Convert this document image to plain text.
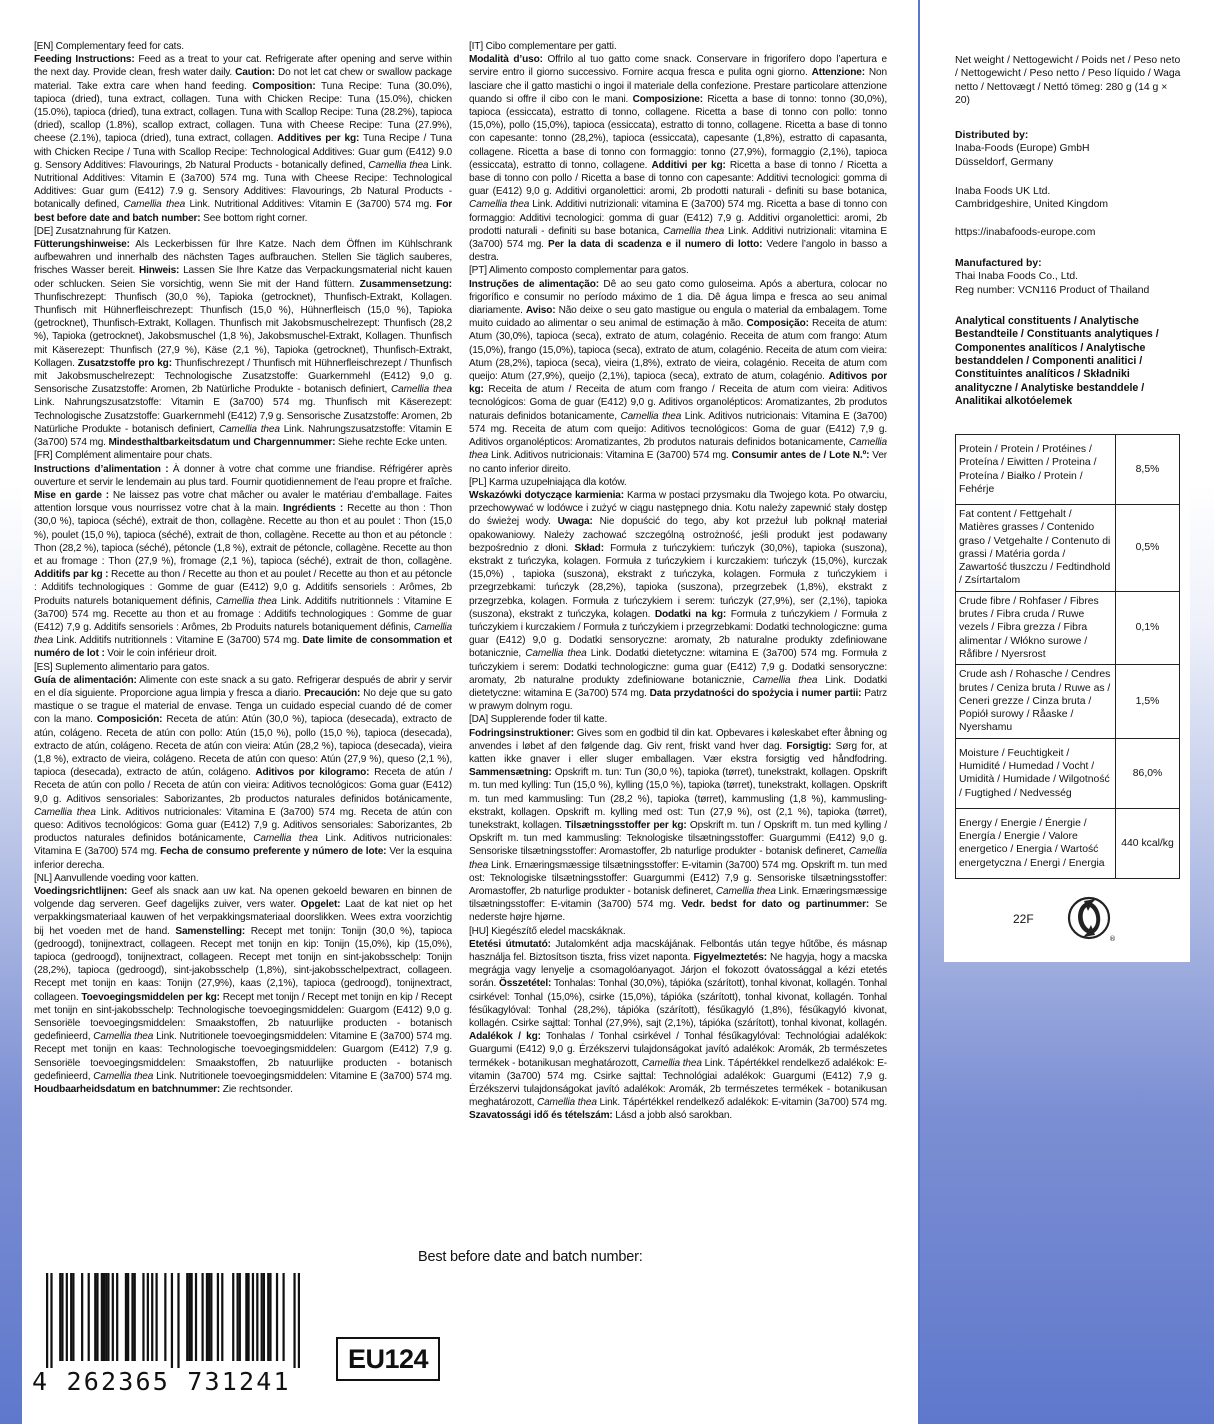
[EN] Complementary feed for cats.
Feeding Instructions: Feed as a treat to your cat. Refrigerate after opening and serve within the next day. Provide clean, fresh water daily. Caution: Do not let cat chew or swallow package material. Take extra care when hand feeding. Composition: Tuna Recipe: Tuna (30.0%), tapioca (dried), tuna extract, collagen. Tuna with Chicken Recipe: Tuna (15.0%), chicken (15.0%), tapioca (dried), tuna extract, collagen. Tuna with Scallop Recipe: Tuna (28.2%), tapioca (dried), scallop (1.8%), scallop extract, collagen. Tuna with Cheese Recipe: Tuna (27.9%), cheese (2.1%), tapioca (dried), tuna extract, collagen. Additives per kg: Tuna Recipe / Tuna with Chicken Recipe / Tuna with Scallop Recipe: Technological Additives: Guar gum (E412) 9.0 g. Sensory Additives: Flavourings, 2b Natural Products - botanically defined, Camellia thea Link. Nutritional Additives: Vitamin E (3a700) 574 mg. Tuna with Cheese Recipe: Technological Additives: Guar gum (E412) 7.9 g. Sensory Additives: Flavourings, 2b Natural Products - botanically defined, Camellia thea Link. Nutritional Additives: Vitamin E (3a700) 574 mg. For best before date and batch number: See bottom right corner.
[DE] Zusatznahrung für Katzen.
Fütterungshinweise: Als Leckerbissen für Ihre Katze. Nach dem Öffnen im Kühlschrank aufbewahren und innerhalb des nächsten Tages aufbrauchen. Stellen Sie täglich sauberes, frisches Wasser bereit. Hinweis: Lassen Sie Ihre Katze das Verpackungsmaterial nicht kauen oder schlucken. Seien Sie vorsichtig, wenn Sie mit der Hand füttern. Zusammensetzung: Thunfischrezept: Thunfisch (30,0 %), Tapioka (getrocknet), Thunfisch-Extrakt, Kollagen. Thunfisch mit Hühnerfleischrezept: Thunfisch (15,0 %), Hühnerfleisch (15,0 %), Tapioka (getrocknet), Thunfisch-Extrakt, Kollagen. Thunfisch mit Jakobsmuschelrezept: Thunfisch (28,2 %), Tapioka (getrocknet), Jakobsmuschel (1,8 %), Jakobsmuschel-Extrakt, Kollagen. Thunfisch mit Käserezept: Thunfisch (27,9 %), Käse (2,1 %), Tapioka (getrocknet), Thunfisch-Extrakt, Kollagen. Zusatzstoffe pro kg: Thunfischrezept / Thunfisch mit Hühnerfleischrezept / Thunfisch mit Jakobsmuschelrezept: Technologische Zusatzstoffe: Guarkernmehl (E412) 9,0 g. Sensorische Zusatzstoffe: Aromen, 2b Natürliche Produkte - botanisch definiert, Camellia thea Link. Nahrungszusatzstoffe: Vitamin E (3a700) 574 mg. Thunfisch mit Käserezept: Technologische Zusatzstoffe: Guarkernmehl (E412) 7,9 g. Sensorische Zusatzstoffe: Aromen, 2b Natürliche Produkte - botanisch definiert, Camellia thea Link. Nahrungszusatzstoffe: Vitamin E (3a700) 574 mg. Mindesthaltbarkeitsdatum und Chargennummer: Siehe rechte Ecke unten.
[FR] Complément alimentaire pour chats.
Instructions d’alimentation : À donner à votre chat comme une friandise. Réfrigérer après ouverture et servir le lendemain au plus tard. Fournir quotidiennement de l’eau propre et fraîche. Mise en garde : Ne laissez pas votre chat mâcher ou avaler le matériau d’emballage. Faites attention lorsque vous nourrissez votre chat à la main. Ingrédients : Recette au thon : Thon (30,0 %), tapioca (séché), extrait de thon, collagène. Recette au thon et au poulet : Thon (15,0 %), poulet (15,0 %), tapioca (séché), extrait de thon, collagène. Recette au thon et au pétoncle : Thon (28,2 %), tapioca (séché), pétoncle (1,8 %), extrait de pétoncle, collagène. Recette au thon et au fromage : Thon (27,9 %), fromage (2,1 %), tapioca (séché), extrait de thon, collagène. Additifs par kg : Recette au thon / Recette au thon et au poulet / Recette au thon et au pétoncle : Additifs technologiques : Gomme de guar (E412) 9,0 g. Additifs sensoriels : Arômes, 2b Produits naturels botaniquement définis, Camellia thea Link. Additifs nutritionnels : Vitamine E (3a700) 574 mg. Recette au thon et au fromage : Additifs technologiques : Gomme de guar (E412) 7,9 g. Additifs sensoriels : Arômes, 2b Produits naturels botaniquement définis, Camellia thea Link. Additifs nutritionnels : Vitamine E (3a700) 574 mg. Date limite de consommation et numéro de lot : Voir le coin inférieur droit.
[ES] Suplemento alimentario para gatos.
Guía de alimentación: Alimente con este snack a su gato. Refrigerar después de abrir y servir en el día siguiente. Proporcione agua limpia y fresca a diario. Precaución: No deje que su gato mastique o se trague el material de envase. Tenga un cuidado especial cuando dé de comer con la mano. Composición: Receta de atún: Atún (30,0 %), tapioca (desecada), extracto de atún, colágeno. Receta de atún con pollo: Atún (15,0 %), pollo (15,0 %), tapioca (desecada), extracto de atún, colágeno. Receta de atún con vieira: Atún (28,2 %), tapioca (desecada), vieira (1,8 %), extracto de vieira, colágeno. Receta de atún con queso: Atún (27,9 %), queso (2,1 %), tapioca (desecada), extracto de atún, colágeno. Aditivos por kilogramo: Receta de atún / Receta de atún con pollo / Receta de atún con vieira: Aditivos tecnológicos: Goma guar (E412) 9,0 g. Aditivos sensoriales: Saborizantes, 2b productos naturales definidos botánicamente, Camellia thea Link. Aditivos nutricionales: Vitamina E (3a700) 574 mg. Receta de atún con queso: Aditivos tecnológicos: Goma guar (E412) 7,9 g. Aditivos sensoriales: Saborizantes, 2b productos naturales definidos botánicamente, Camellia thea Link. Aditivos nutricionales: Vitamina E (3a700) 574 mg. Fecha de consumo preferente y número de lote: Ver la esquina inferior derecha.
[NL] Aanvullende voeding voor katten.
Voedingsrichtlijnen: Geef als snack aan uw kat. Na openen gekoeld bewaren en binnen de volgende dag serveren. Geef dagelijks zuiver, vers water. Opgelet: Laat de kat niet op het verpakkingsmateriaal kauwen of het verpakkingsmateriaal doorslikken. Wees extra voorzichtig bij het voeden met de hand. Samenstelling: Recept met tonijn: Tonijn (30,0 %), tapioca (gedroogd), tonijnextract, collageen. Recept met tonijn en kip: Tonijn (15,0%), kip (15,0%), tapioca (gedroogd), tonijnextract, collageen. Recept met tonijn en sint-jakobsschelp: Tonijn (28,2%), tapioca (gedroogd), sint-jakobsschelp (1,8%), sint-jakobsschelpextract, collageen. Recept met tonijn en kaas: Tonijn (27,9%), kaas (2,1%), tapioca (gedroogd), tonijnextract, collageen. Toevoegingsmiddelen per kg: Recept met tonijn / Recept met tonijn en kip / Recept met tonijn en sint-jakobsschelp: Technologische toevoegingsmiddelen: Guargom (E412) 9,0 g. Sensoriële toevoegingsmiddelen: Smaakstoffen, 2b natuurlijke producten - botanisch gedefinieerd, Camellia thea Link. Nutritionele toevoegingsmiddelen: Vitamine E (3a700) 574 mg. Recept met tonijn en kaas: Technologische toevoegingsmiddelen: Guargom (E412) 7,9 g. Sensoriële toevoegingsmiddelen: Smaakstoffen, 2b natuurlijke producten - botanisch gedefinieerd, Camellia thea Link. Nutritionele toevoegingsmiddelen: Vitamine E (3a700) 574 mg. Houdbaarheidsdatum en batchnummer: Zie rechtsonder.
[IT] Cibo complementare per gatti.
Modalità d’uso: Offrilo al tuo gatto come snack. Conservare in frigorifero dopo l’apertura e servire entro il giorno successivo. Fornire acqua fresca e pulita ogni giorno. Attenzione: Non lasciare che il gatto mastichi o ingoi il materiale della confezione. Prestare particolare attenzione quando si offre il cibo con le mani. Composizione: Ricetta a base di tonno: tonno (30,0%), tapioca (essiccata), estratto di tonno, collagene. Ricetta a base di tonno con pollo: tonno (15,0%), pollo (15,0%), tapioca (essiccata), estratto di tonno, collagene. Ricetta a base di tonno con capesante: tonno (28,2%), tapioca (essiccata), capesante (1,8%), estratto di capasanta, collagene. Ricetta a base di tonno con formaggio: tonno (27,9%), formaggio (2,1%), tapioca (essiccata), estratto di tonno, collagene. Additivi per kg: Ricetta a base di tonno / Ricetta a base di tonno con pollo / Ricetta a base di tonno con capesante: Additivi tecnologici: gomma di guar (E412) 9,0 g. Additivi organolettici: aromi, 2b prodotti naturali - definiti su base botanica, Camellia thea Link. Additivi nutrizionali: vitamina E (3a700) 574 mg. Ricetta a base di tonno con formaggio: Additivi tecnologici: gomma di guar (E412) 7,9 g. Additivi organolettici: aromi, 2b prodotti naturali - definiti su base botanica, Camellia thea Link. Additivi nutrizionali: vitamina E (3a700) 574 mg. Per la data di scadenza e il numero di lotto: Vedere l’angolo in basso a destra.
[PT] Alimento composto complementar para gatos.
Instruções de alimentação: Dê ao seu gato como guloseima. Após a abertura, colocar no frigorífico e consumir no período máximo de 1 dia. Dê água limpa e fresca ao seu animal diariamente. Aviso: Não deixe o seu gato mastigue ou engula o material da embalagem. Tome muito cuidado ao alimentar o seu animal de estimação à mão. Composição: Receita de atum: Atum (30,0%), tapioca (seca), extrato de atum, colagénio. Receita de atum com frango: Atum (15,0%), frango (15,0%), tapioca (seca), extrato de atum, colagénio. Receita de atum com vieira: Atum (28,2%), tapioca (seca), vieira (1,8%), extrato de vieira, colagénio. Receita de atum com queijo: Atum (27,9%), queijo (2,1%), tapioca (seca), extrato de atum, colagénio. Aditivos por kg: Receita de atum / Receita de atum com frango / Receita de atum com vieira: Aditivos tecnológicos: Goma de guar (E412) 9,0 g. Aditivos organolépticos: Aromatizantes, 2b produtos naturais definidos botanicamente, Camellia thea Link. Aditivos nutricionais: Vitamina E (3a700) 574 mg. Receita de atum com queijo: Aditivos tecnológicos: Goma de guar (E412) 7,9 g. Aditivos organolépticos: Aromatizantes, 2b produtos naturais definidos botanicamente, Camellia thea Link. Aditivos nutricionais: Vitamina E (3a700) 574 mg. Consumir antes de / Lote N.º: Ver no canto inferior direito.
[PL] Karma uzupełniająca dla kotów.
Wskazówki dotyczące karmienia: Karma w postaci przysmaku dla Twojego kota. Po otwarciu, przechowywać w lodówce i zużyć w ciągu następnego dnia. Kotu należy zapewnić stały dostęp do świeżej wody. Uwaga: Nie dopuścić do tego, aby kot przeżuł lub połknął materiał opakowaniowy. Należy zachować szczególną ostrożność, jeśli produkt jest podawany bezpośrednio z dłoni. Skład: Formuła z tuńczykiem: tuńczyk (30,0%), tapioka (suszona), ekstrakt z tuńczyka, kolagen. Formuła z tuńczykiem i kurczakiem: tuńczyk (15,0%), kurczak (15,0%) , tapioka (suszona), ekstrakt z tuńczyka, kolagen. Formuła z tuńczykiem i przegrzebkami: tuńczyk (28,2%), tapioka (suszona), przegrzebek (1,8%), ekstrakt z przegrzebka, kolagen. Formuła z tuńczykiem i serem: tuńczyk (27,9%), ser (2,1%), tapioka (suszona), ekstrakt z tuńczyka, kolagen. Dodatki na kg: Formuła z tuńczykiem / Formuła z tuńczykiem i kurczakiem / Formuła z tuńczykiem i przegrzebkami: Dodatki technologiczne: guma guar (E412) 9,0 g. Dodatki sensoryczne: aromaty, 2b naturalne produkty zdefiniowane botanicznie, Camellia thea Link. Dodatki dietetyczne: witamina E (3a700) 574 mg. Formuła z tuńczykiem i serem: Dodatki technologiczne: guma guar (E412) 7,9 g. Dodatki sensoryczne: aromaty, 2b naturalne produkty zdefiniowane botanicznie, Camellia thea Link. Dodatki dietetyczne: witamina E (3a700) 574 mg. Data przydatności do spożycia i numer partii: Patrz w prawym dolnym rogu.
[DA] Supplerende foder til katte.
Fodringsinstruktioner: Gives som en godbid til din kat. Opbevares i køleskabet efter åbning og anvendes i løbet af den følgende dag. Giv rent, friskt vand hver dag. Forsigtig: Sørg for, at katten ikke gnaver i eller sluger emballagen. Vær ekstra forsigtig ved håndfodring. Sammensætning: Opskrift m. tun: Tun (30,0 %), tapioka (tørret), tunekstrakt, kollagen. Opskrift m. tun med kylling: Tun (15,0 %), kylling (15,0 %), tapioka (tørret), tunekstrakt, kollagen. Opskrift m. tun med kammusling: Tun (28,2 %), tapioka (tørret), kammusling (1,8 %), kammusling-ekstrakt, kollagen. Opskrift m. kylling med ost: Tun (27,9 %), ost (2,1 %), tapioka (tørret), tunekstrakt, kollagen. Tilsætningsstoffer per kg: Opskrift m. tun / Opskrift m. tun med kylling / Opskrift m. tun med kammusling: Teknologiske tilsætningsstoffer: Guargummi (E412) 9,0 g. Sensoriske tilsætningsstoffer: Aromastoffer, 2b naturlige produkter - botanisk defineret, Camellia thea Link. Ernæringsmæssige tilsætningsstoffer: E-vitamin (3a700) 574 mg. Opskrift m. tun med ost: Teknologiske tilsætningsstoffer: Guargummi (E412) 7,9 g. Sensoriske tilsætningsstoffer: Aromastoffer, 2b naturlige produkter - botanisk defineret, Camellia thea Link. Ernæringsmæssige tilsætningsstoffer: E-vitamin (3a700) 574 mg. Vedr. bedst for dato og partinummer: Se nederste højre hjørne.
[HU] Kiegészítő eledel macskáknak.
Etetési útmutató: Jutalomként adja macskájának. Felbontás után tegye hűtőbe, és másnap használja fel. Biztosítson tiszta, friss vizet naponta. Figyelmeztetés: Ne hagyja, hogy a macska megrágja vagy lenyelje a csomagolóanyagot. Járjon el fokozott óvatossággal a kézi etetés során. Összetétel: Tonhalas: Tonhal (30,0%), tápióka (szárított), tonhal kivonat, kollagén. Tonhal csirkével: Tonhal (15,0%), csirke (15,0%), tápióka (szárított), tonhal kivonat, kollagén. Tonhal fésűkagylóval: Tonhal (28,2%), tápióka (szárított), fésűkagyló (1,8%), fésűkagyló kivonat, kollagén. Csirke sajttal: Tonhal (27,9%), sajt (2,1%), tápióka (szárított), tonhal kivonat, kollagén. Adalékok / kg: Tonhalas / Tonhal csirkével / Tonhal fésűkagylóval: Technológiai adalékok: Guargumi (E412) 9,0 g. Érzékszervi tulajdonságokat javító adalékok: Aromák, 2b természetes termékek - botanikusan meghatározott, Camellia thea Link. Tápértékkel rendelkező adalékok: E-vitamin (3a700) 574 mg. Csirke sajttal: Technológiai adalékok: Guargumi (E412) 7,9 g. Érzékszervi tulajdonságokat javító adalékok: Aromák, 2b természetes termékek - botanikusan meghatározott, Camellia thea Link. Tápértékkel rendelkező adalékok: E-vitamin (3a700) 574 mg. Szavatossági idő és tételszám: Lásd a jobb alsó sarokban.
Best before date and batch number:
4 262365 731241
EU124
Net weight / Nettogewicht / Poids net / Peso neto / Nettogewicht / Peso netto / Peso líquido / Waga netto / Nettovægt / Nettó tömeg: 280 g (14 g × 20)
Distributed by:
Inaba-Foods (Europe) GmbH
Düsseldorf, Germany
Inaba Foods UK Ltd.
Cambridgeshire, United Kingdom
https://inabafoods-europe.com
Manufactured by:
Thai Inaba Foods Co., Ltd.
Reg number: VCN116 Product of Thailand
Analytical constituents / Analytische Bestandteile / Constituants analytiques / Componentes analíticos / Analytische bestanddelen / Componenti analitici / Constituintes analíticos / Składniki analityczne / Analytiske bestanddele / Analitikai alkotóelemek
Protein / Protein / Protéines / Proteína / Eiwitten / Proteina / Proteína / Białko / Protein / Fehérje	8,5%
Fat content / Fettgehalt / Matières grasses / Contenido graso / Vetgehalte / Contenuto di grassi / Matéria gorda / Zawartość tłuszczu / Fedtindhold / Zsírtartalom	0,5%
Crude fibre / Rohfaser / Fibres brutes / Fibra cruda / Ruwe vezels / Fibra grezza / Fibra alimentar / Włókno surowe / Råfibre / Nyersrost	0,1%
Crude ash / Rohasche / Cendres brutes / Ceniza bruta / Ruwe as / Ceneri grezze / Cinza bruta / Popiół surowy / Råaske / Nyershamu	1,5%
Moisture / Feuchtigkeit / Humidité / Humedad / Vocht / Umidità / Humidade / Wilgotność / Fugtighed / Nedvesség	86,0%
Energy / Energie / Énergie / Energía / Energie / Valore energetico / Energia / Wartość energetyczna / Energi / Energia	440 kcal/kg
22F
®
